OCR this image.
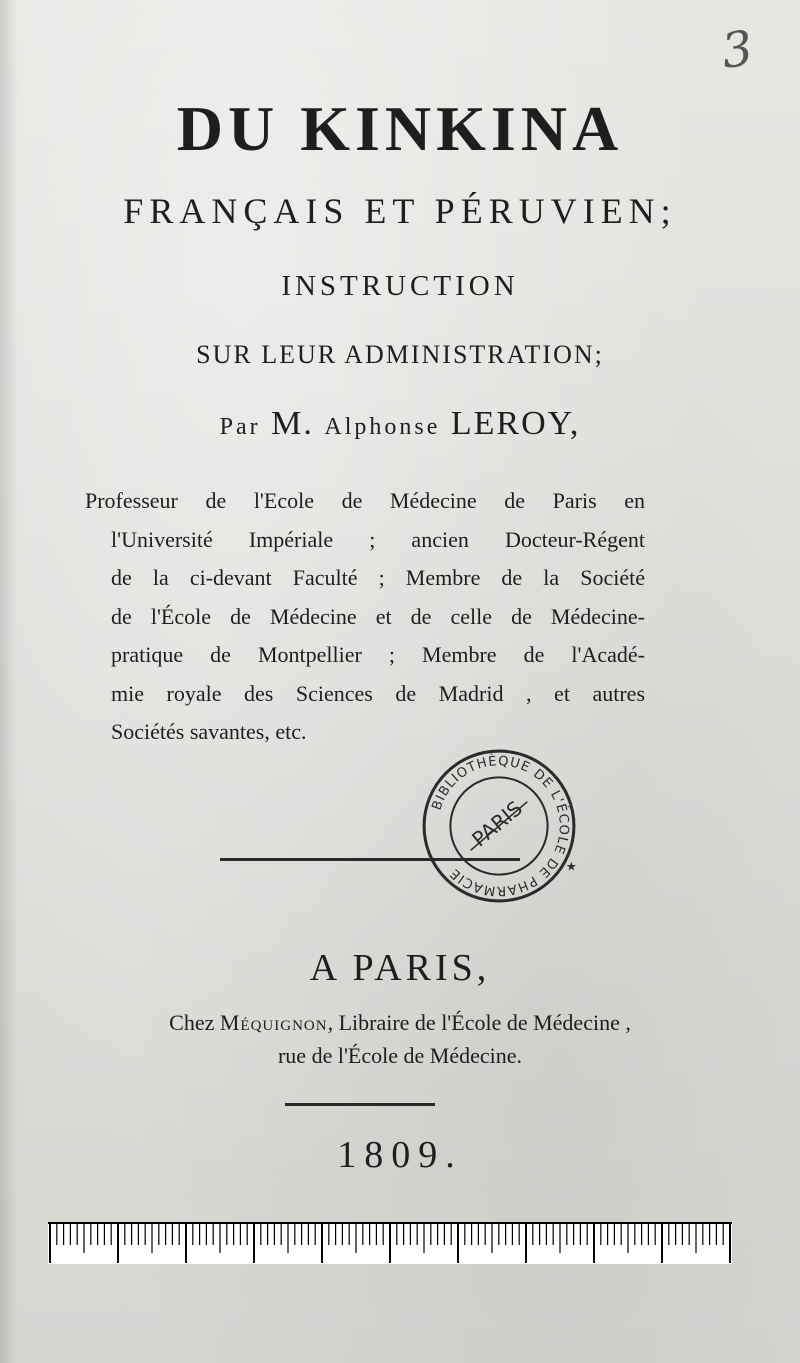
3
DU KINKINA
FRANÇAIS ET PÉRUVIEN;
INSTRUCTION
SUR LEUR ADMINISTRATION;
Par M. Alphonse LEROY,
Professeur de l'Ecole de Médecine de Paris en
l'Université Impériale ; ancien Docteur-Régent
de la ci-devant Faculté ; Membre de la Société
de l'École de Médecine et de celle de Médecine-
pratique de Montpellier ; Membre de l'Acadé-
mie royale des Sciences de Madrid , et autres
Sociétés savantes, etc.
BIBLIOTHÈQUE DE L'ÉCOLE DE PHARMACIE
PARIS
★
A PARIS,
Chez Méquignon, Libraire de l'École de Médecine ,
rue de l'École de Médecine.
1809.
